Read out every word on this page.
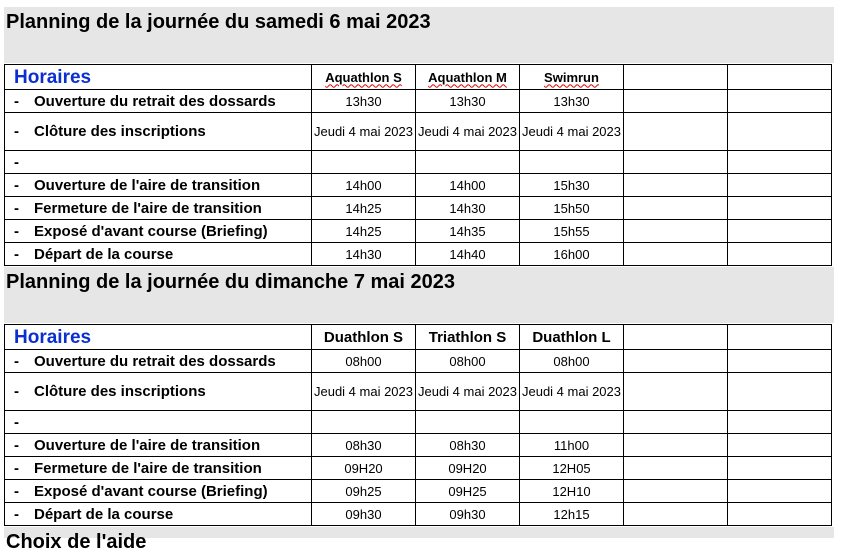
Planning de la journée du samedi 6 mai 2023
Horaires	Aquathlon S	Aquathlon M	Swimrun		
- Ouverture du retrait des dossards	13h30	13h30	13h30		
- Clôture des inscriptions	Jeudi 4 mai 2023	Jeudi 4 mai 2023	Jeudi 4 mai 2023		
-					
- Ouverture de l'aire de transition	14h00	14h00	15h30		
- Fermeture de l'aire de transition	14h25	14h30	15h50		
- Exposé d'avant course (Briefing)	14h25	14h35	15h55		
- Départ de la course	14h30	14h40	16h00		
Planning de la journée du dimanche 7 mai 2023
Horaires	Duathlon S	Triathlon S	Duathlon L		
- Ouverture du retrait des dossards	08h00	08h00	08h00		
- Clôture des inscriptions	Jeudi 4 mai 2023	Jeudi 4 mai 2023	Jeudi 4 mai 2023		
-					
- Ouverture de l'aire de transition	08h30	08h30	11h00		
- Fermeture de l'aire de transition	09H20	09H20	12H05		
- Exposé d'avant course (Briefing)	09h25	09H25	12H10		
- Départ de la course	09h30	09h30	12h15		
Choix de l'aide
